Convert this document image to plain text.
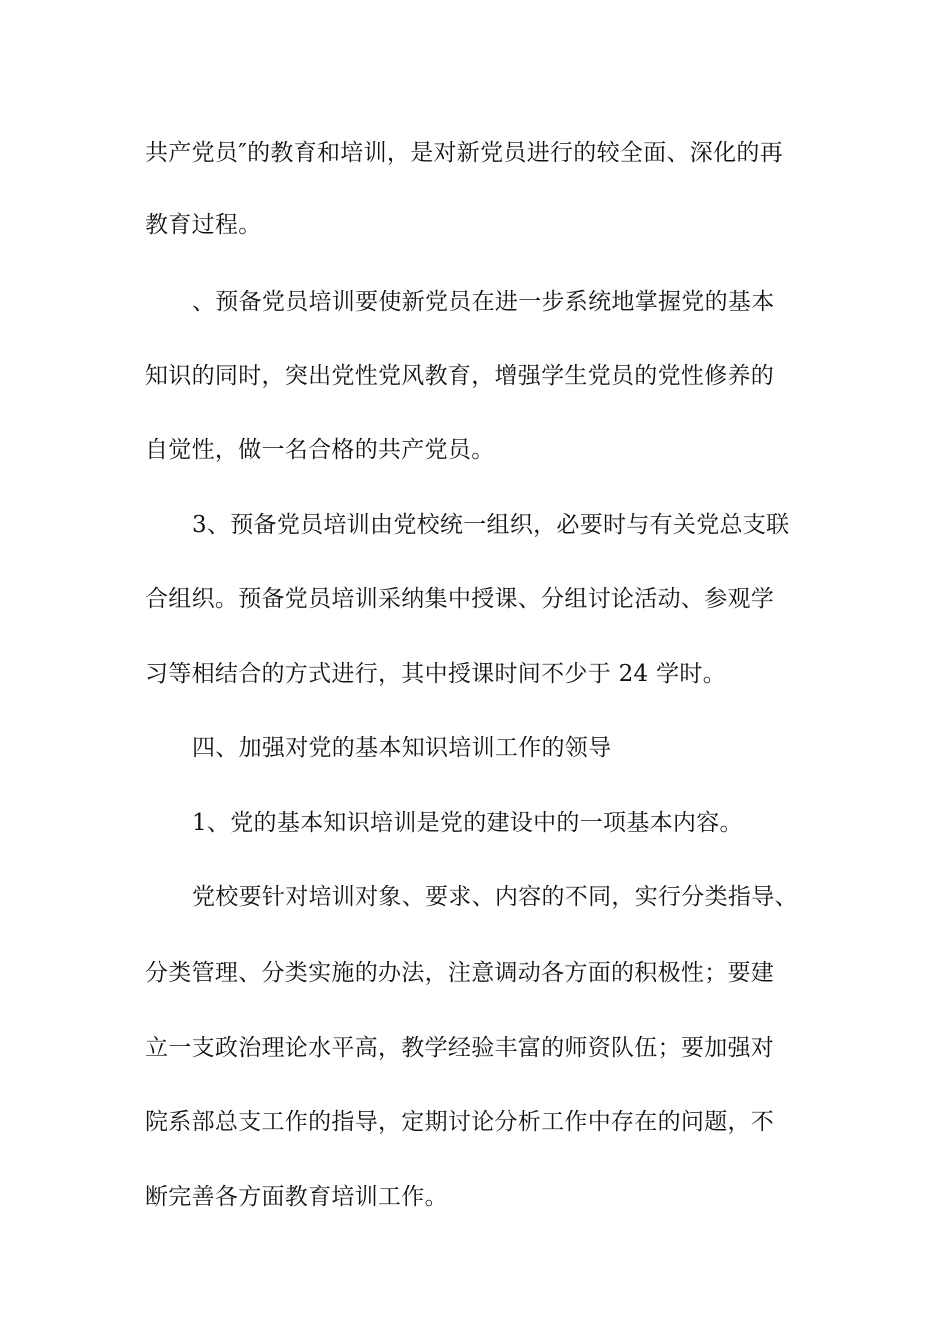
共产党员″的教育和培训，是对新党员进行的较全面、深化的再
教育过程。
、预备党员培训要使新党员在进一步系统地掌握党的基本
知识的同时，突出党性党风教育，增强学生党员的党性修养的
自觉性，做一名合格的共产党员。
3、预备党员培训由党校统一组织，必要时与有关党总支联
合组织。预备党员培训采纳集中授课、分组讨论活动、参观学
习等相结合的方式进行，其中授课时间不少于 24 学时。
四、加强对党的基本知识培训工作的领导
1、党的基本知识培训是党的建设中的一项基本内容。
党校要针对培训对象、要求、内容的不同，实行分类指导、
分类管理、分类实施的办法，注意调动各方面的积极性；要建
立一支政治理论水平高，教学经验丰富的师资队伍；要加强对
院系部总支工作的指导，定期讨论分析工作中存在的问题，不
断完善各方面教育培训工作。
